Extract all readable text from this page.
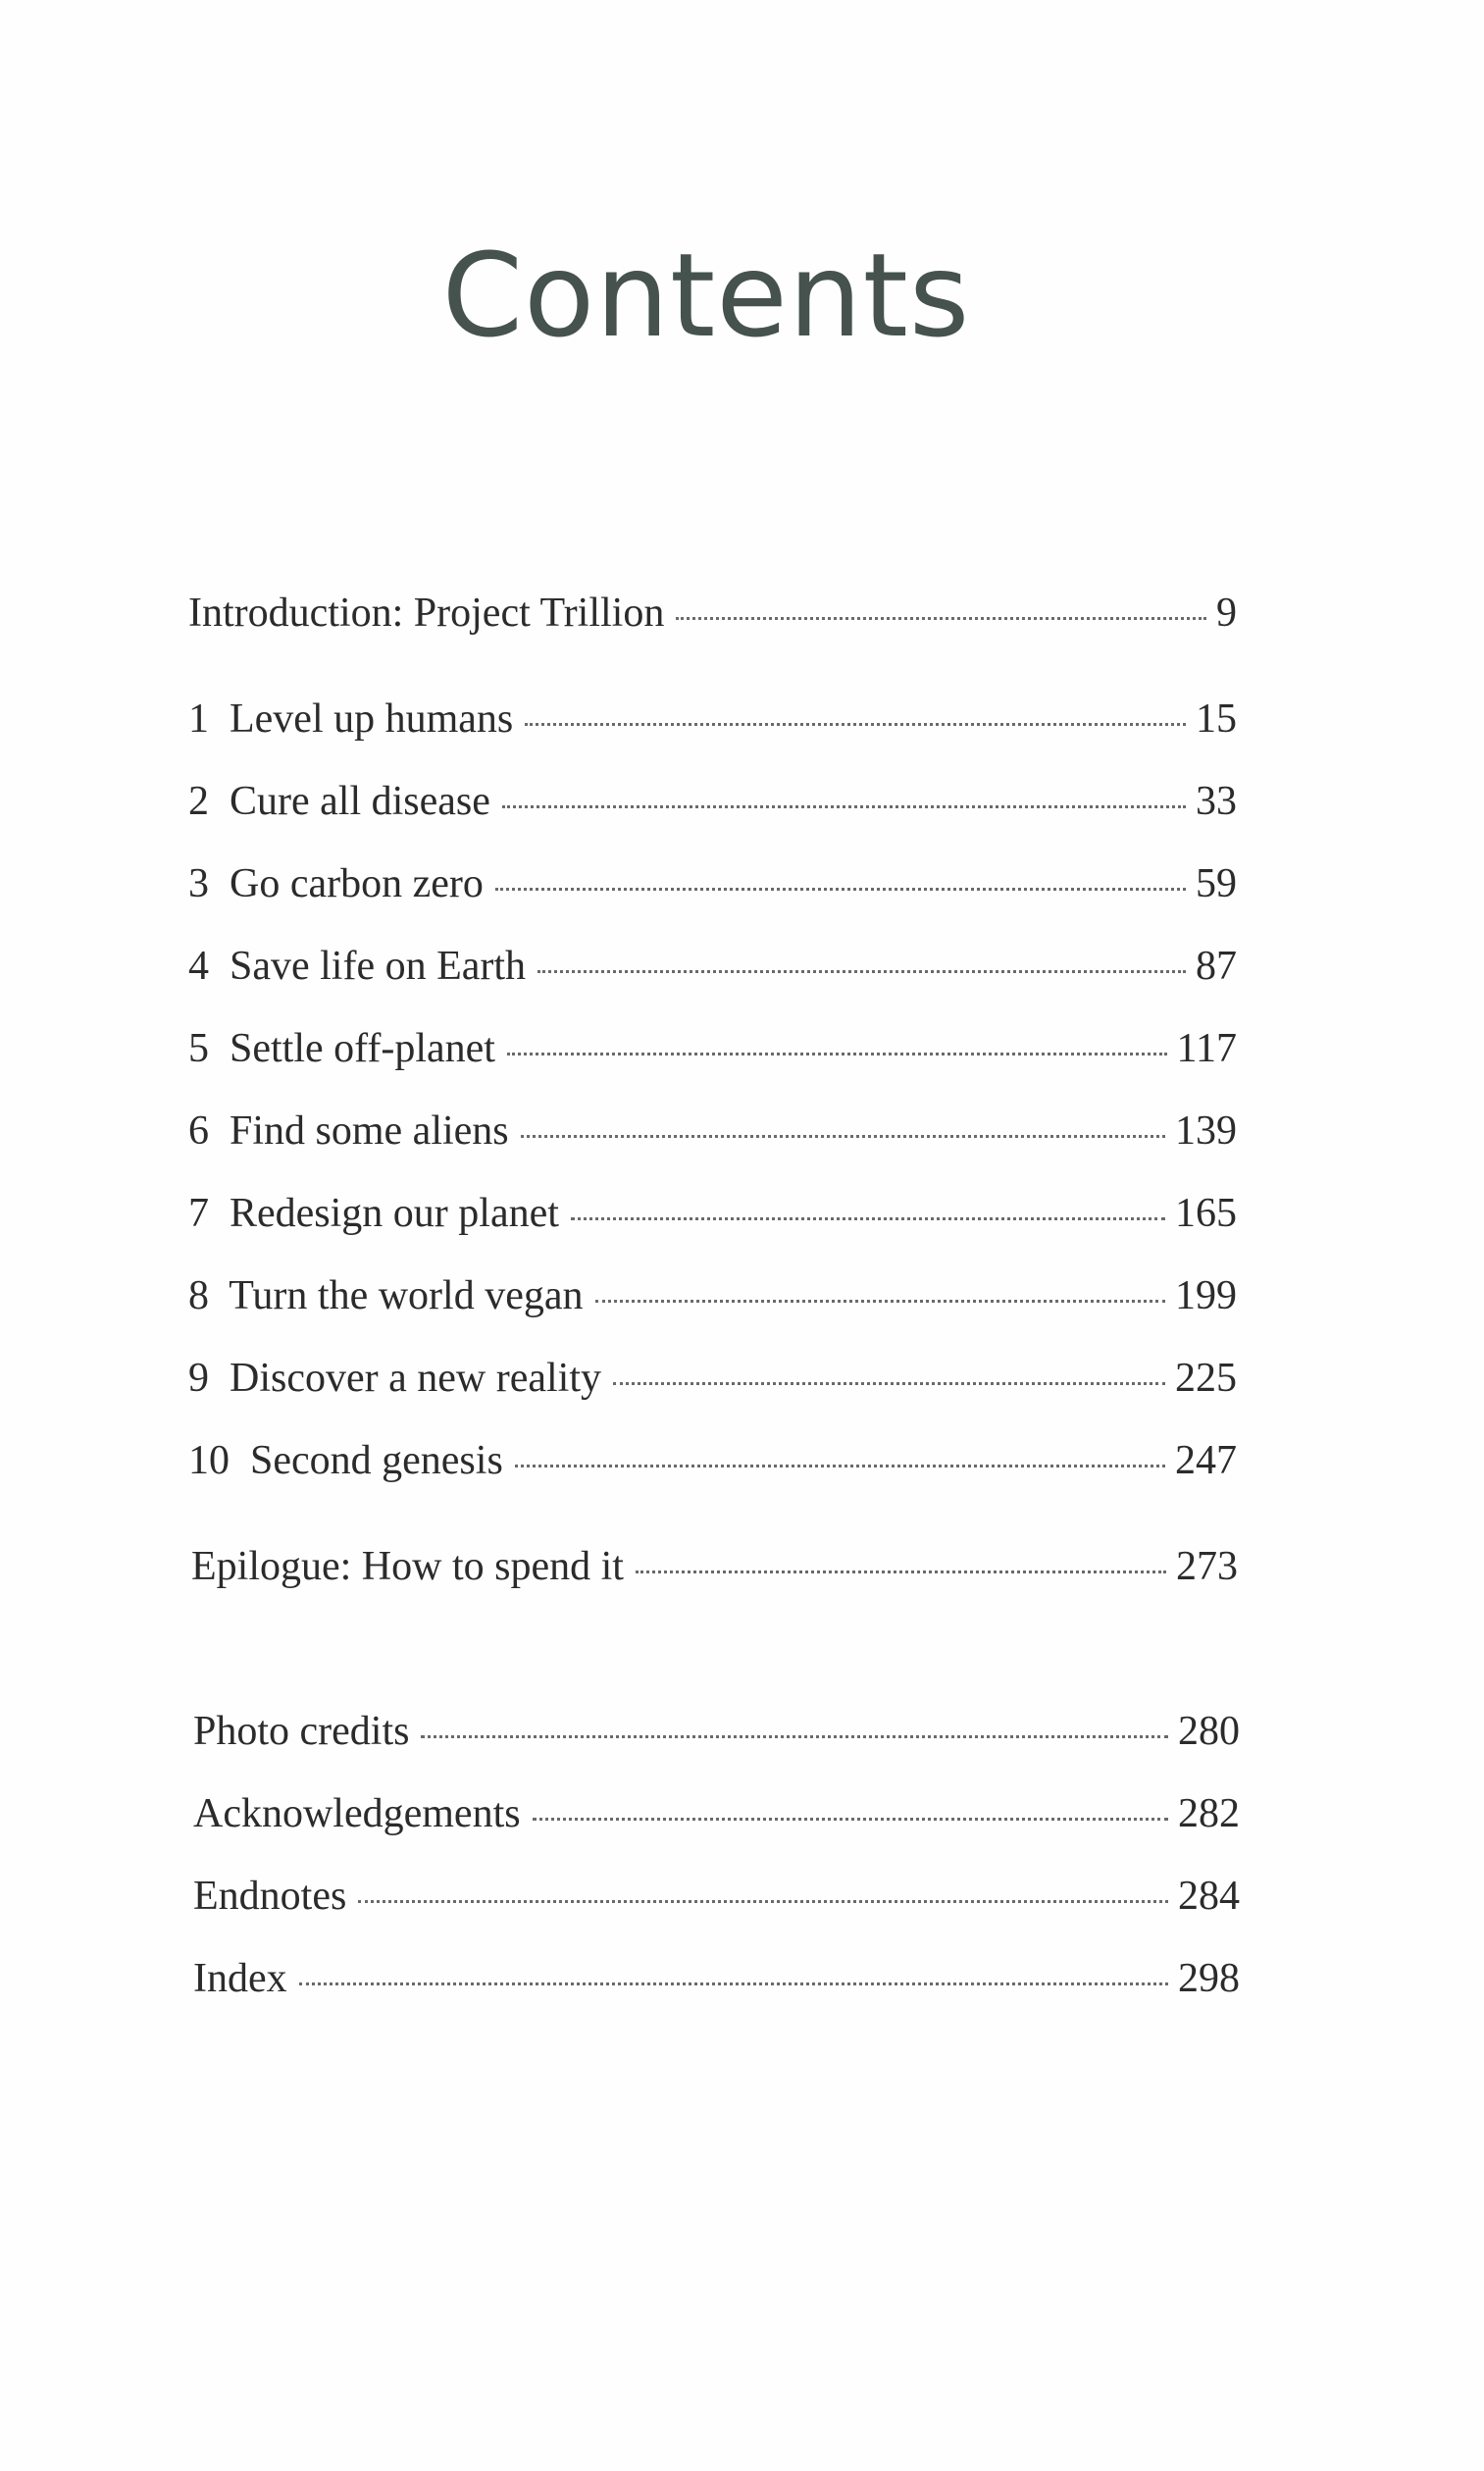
Contents
Introduction: Project Trillion	9
1  Level up humans	15
2  Cure all disease	33
3  Go carbon zero	59
4  Save life on Earth	87
5  Settle off-planet	117
6  Find some aliens	139
7  Redesign our planet	165
8  Turn the world vegan	199
9  Discover a new reality	225
10  Second genesis	247
Epilogue: How to spend it	273
Photo credits	280
Acknowledgements	282
Endnotes	284
Index	298
